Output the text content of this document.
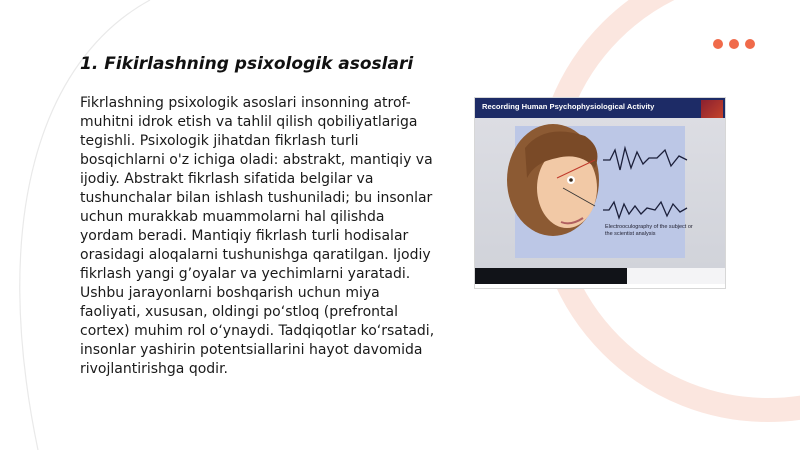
1. Fikirlashning psixologik asoslari

Fikrlashning psixologik asoslari insonning atrof-muhitni idrok etish va tahlil qilish qobiliyatlariga tegishli. Psixologik jihatdan fikrlash turli bosqichlarni o'z ichiga oladi: abstrakt, mantiqiy va ijodiy. Abstrakt fikrlash sifatida belgilar va tushunchalar bilan ishlash tushuniladi; bu insonlar uchun murakkab muammolarni hal qilishda yordam beradi. Mantiqiy fikrlash turli hodisalar orasidagi aloqalarni tushunishga qaratilgan. Ijodiy fikrlash yangi g’oyalar va yechimlarni yaratadi. Ushbu jarayonlarni boshqarish uchun miya faoliyati, xususan, oldingi po‘stloq (prefrontal cortex) muhim rol o‘ynaydi. Tadqiqotlar ko‘rsatadi, insonlar yashirin potentsiallarini hayot davomida rivojlantirishga qodir.

Recording Human Psychophysiological Activity
Electrooculography of the subject or the scientist analysis
